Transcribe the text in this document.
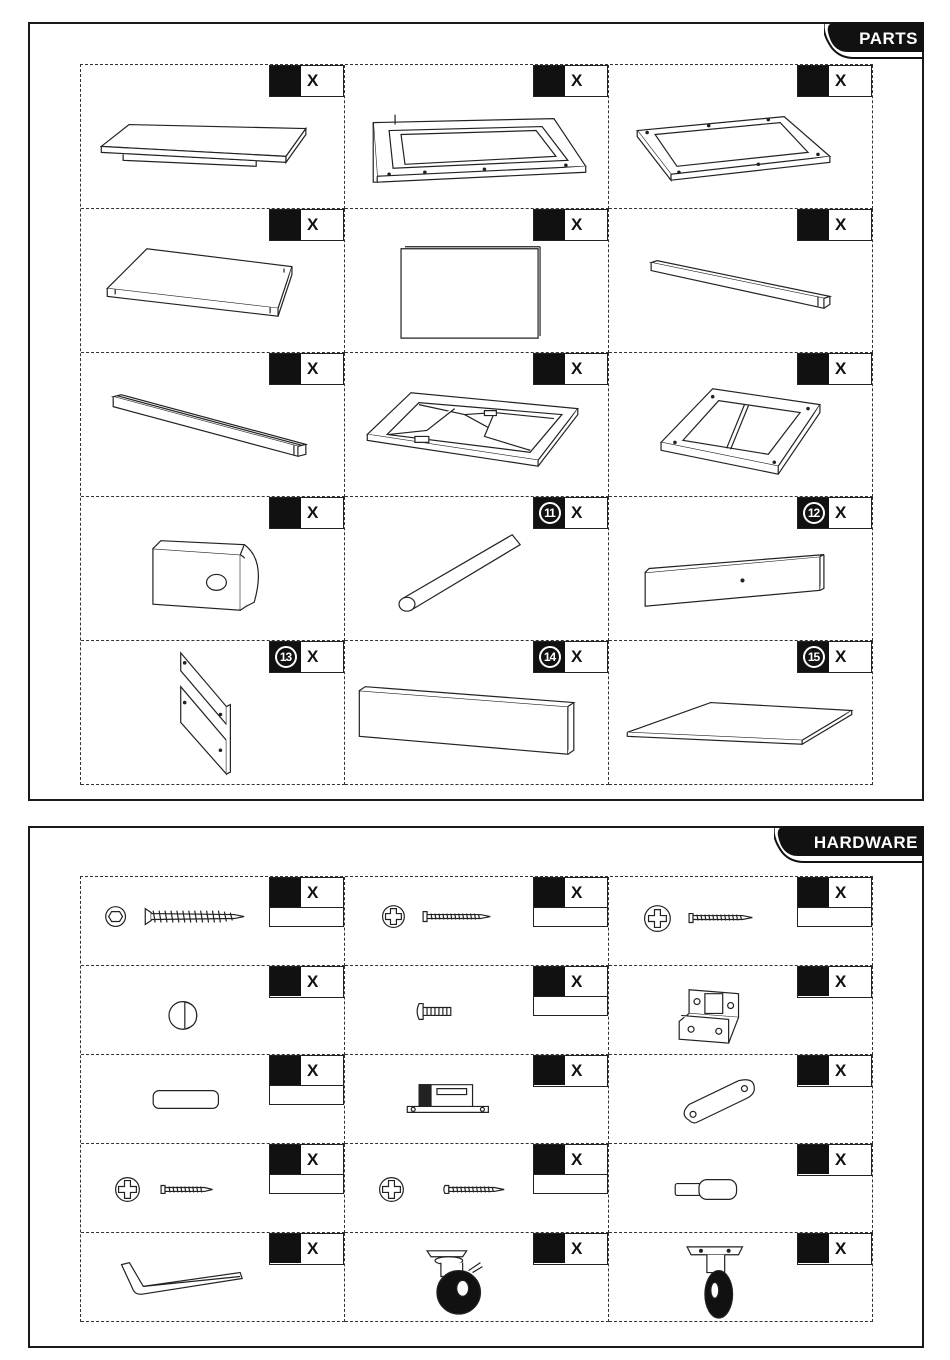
PARTS
X	X	X
X	X	X
X	X	X
X	11 X	12 X
13 X	14 X	15 X
HARDWARE
X	X	X
X	X	X
X	X	X
X	X	X
X	X	X
